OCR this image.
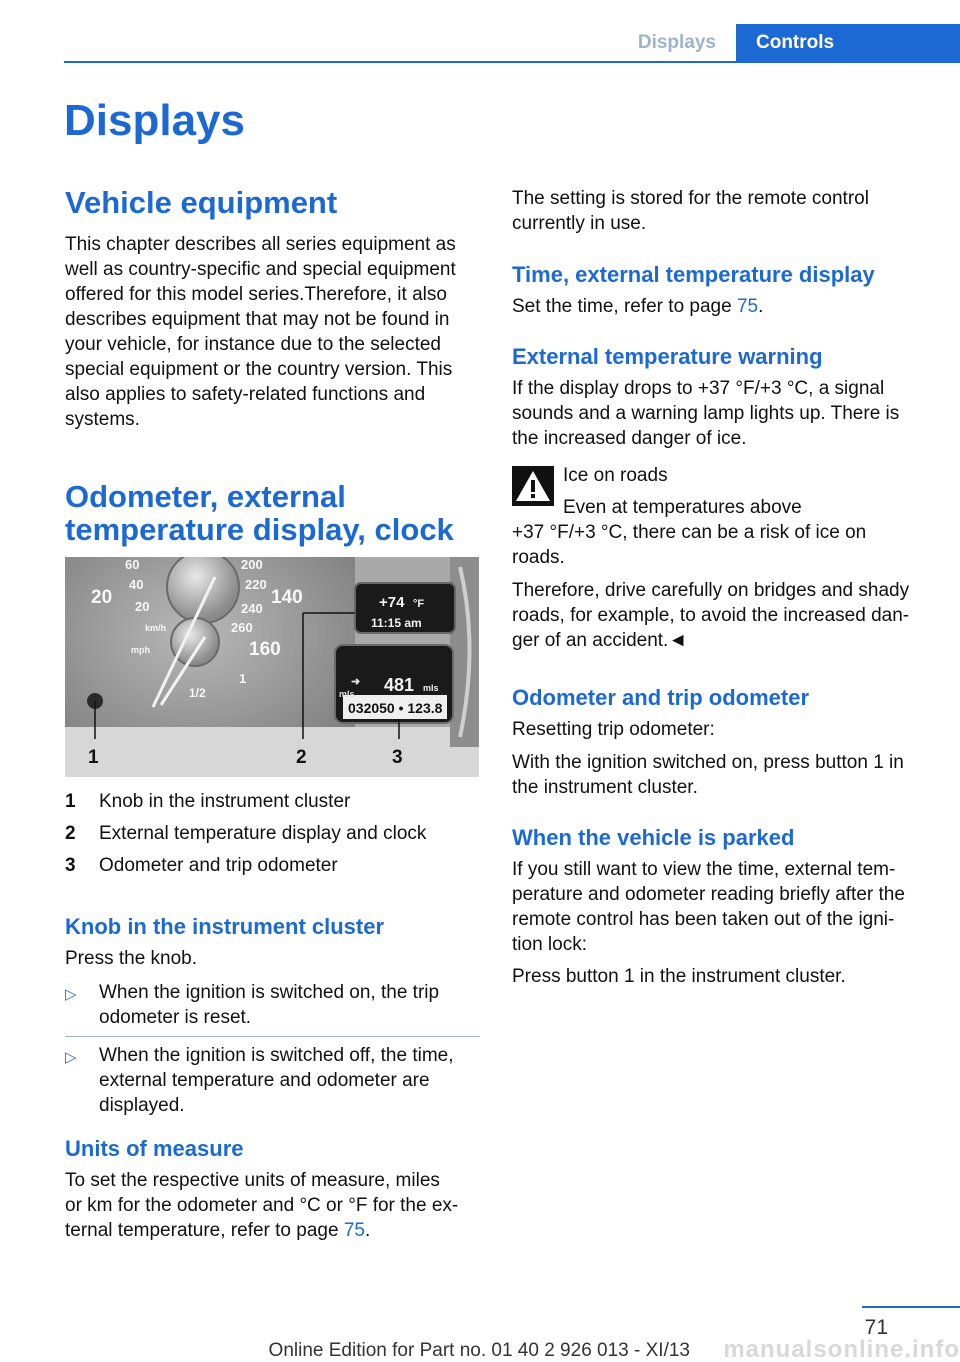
Displays	Controls
Displays
Vehicle equipment
This chapter describes all series equipment as
well as country-specific and special equipment
offered for this model series.Therefore, it also
describes equipment that may not be found in
your vehicle, for instance due to the selected
special equipment or the country version. This
also applies to safety-related functions and
systems.
Odometer, external
temperature display, clock
60
40
20
20
200
220
240
260
140
160
1
1/2
km/h
mph
+74 °F
11:15 am
➜
mls 481 mls
032050 • 123.8
1	2	3
1	Knob in the instrument cluster
2	External temperature display and clock
3	Odometer and trip odometer
Knob in the instrument cluster
Press the knob.
▷	When the ignition is switched on, the trip
odometer is reset.
▷	When the ignition is switched off, the time,
external temperature and odometer are
displayed.
Units of measure
To set the respective units of measure, miles
or km for the odometer and °C or °F for the ex-
ternal temperature, refer to page 75.
The setting is stored for the remote control
currently in use.
Time, external temperature display
Set the time, refer to page 75.
External temperature warning
If the display drops to +37 °F/+3 °C, a signal
sounds and a warning lamp lights up. There is
the increased danger of ice.
Ice on roads
Even at temperatures above
+37 °F/+3 °C, there can be a risk of ice on
roads.
Therefore, drive carefully on bridges and shady
roads, for example, to avoid the increased dan-
ger of an accident.◄
Odometer and trip odometer
Resetting trip odometer:
With the ignition switched on, press button 1 in
the instrument cluster.
When the vehicle is parked
If you still want to view the time, external tem-
perature and odometer reading briefly after the
remote control has been taken out of the igni-
tion lock:
Press button 1 in the instrument cluster.
71
manualsonline.info
Online Edition for Part no. 01 40 2 926 013 - XI/13
